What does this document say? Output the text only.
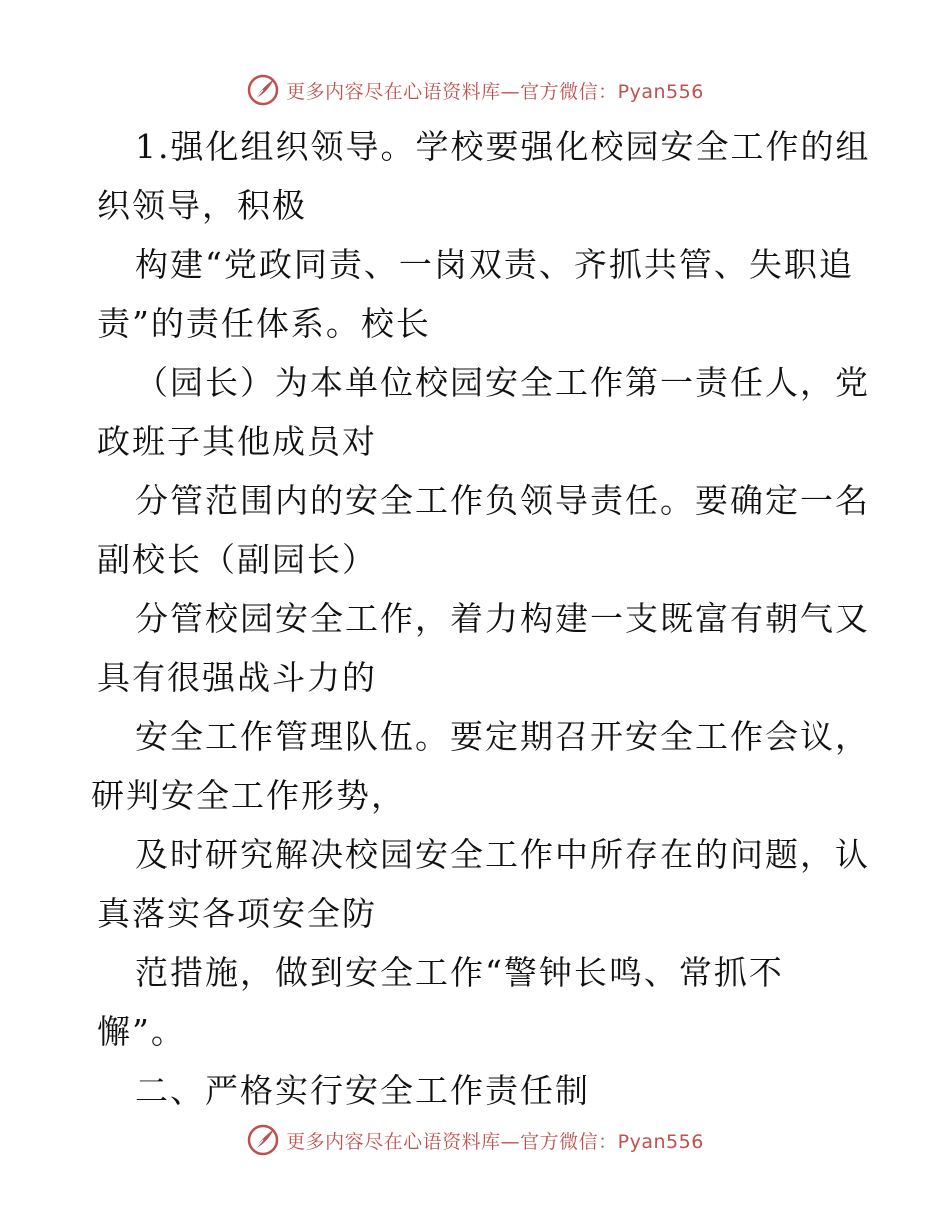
更多内容尽在心语资料库—官方微信：Pyan556
1.强化组织领导。学校要强化校园安全工作的组
织领导，积极
构建“党政同责、一岗双责、齐抓共管、失职追
责”的责任体系。校长
（园长）为本单位校园安全工作第一责任人，党
政班子其他成员对
分管范围内的安全工作负领导责任。要确定一名
副校长（副园长）
分管校园安全工作，着力构建一支既富有朝气又
具有很强战斗力的
安全工作管理队伍。要定期召开安全工作会议，
研判安全工作形势，
及时研究解决校园安全工作中所存在的问题，认
真落实各项安全防
范措施，做到安全工作“警钟长鸣、常抓不
懈”。
二、严格实行安全工作责任制
更多内容尽在心语资料库—官方微信：Pyan556
